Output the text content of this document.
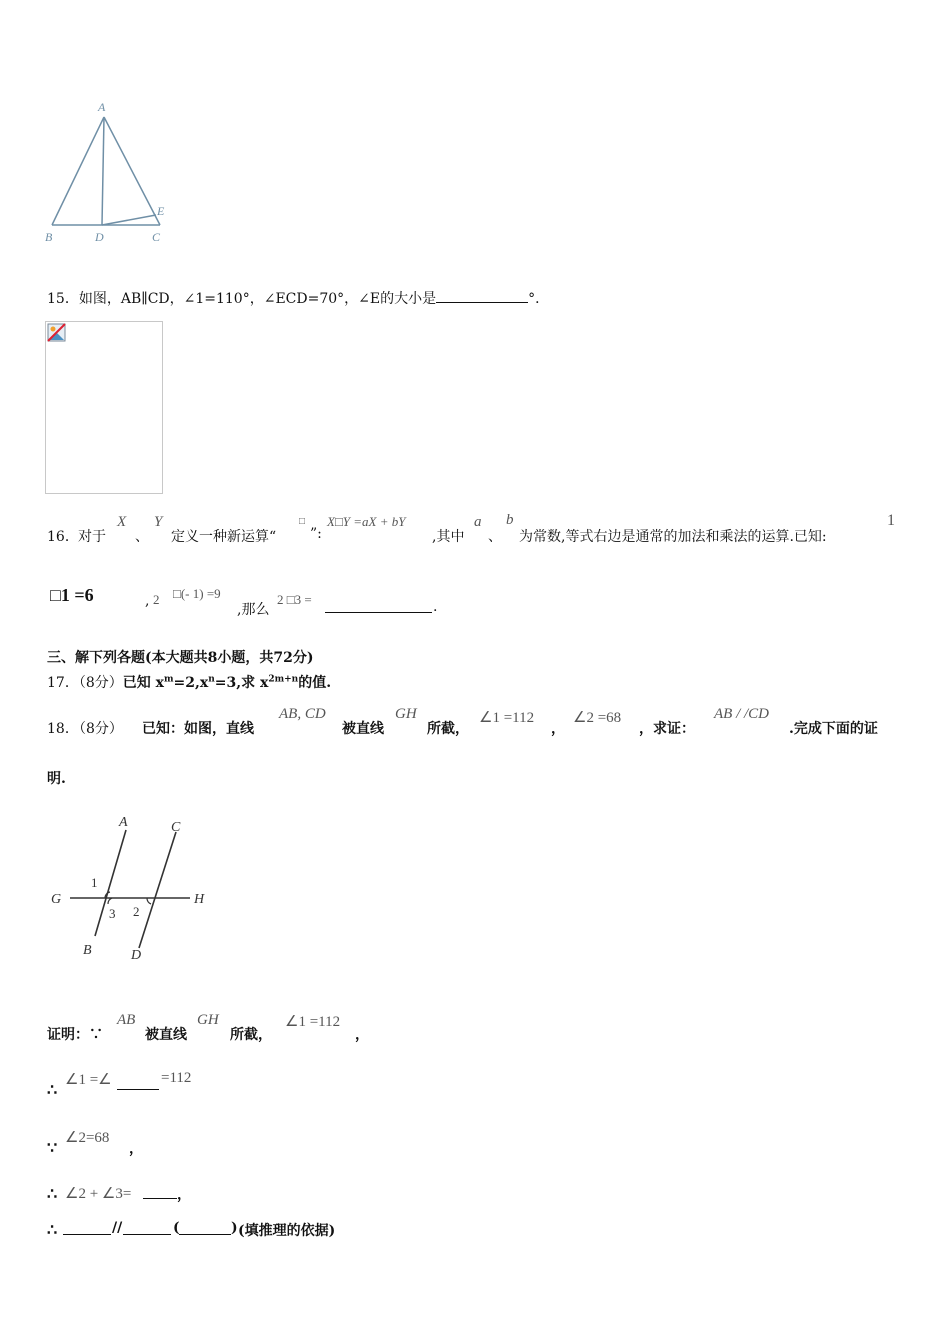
A
B	D	C
E
15．如图，AB∥CD，∠1=110°，∠ECD=70°，∠E的大小是	°．
16． 对于
X
、
Y
定义一种新运算“
□
”:
X□Y =aX + bY
,其中
a
、
b
为常数,等式右边是通常的加法和乘法的运算.已知:
1
□1 =6	, 2 □(- 1) =9
,那么
2 □3 =	.
三、解下列各题(本大题共8小题，共72分)
17．（8分）已知 $x^m=2,x^n=3$,求 $x^{2m+n}$的值.
18．
（8分） 已知：如图，直线
AB, CD
被直线
GH
所截，
∠1 =112
，
∠2 =68
，求证：
AB / /CD
.完成下面的证
明.
A	C
G	H
B	D
1
2
3
证明：∵
AB
被直线
GH
所截，
∠1 =112
，
∴ ∠1 =∠	=112
∵ ∠2=68
，
∴ ∠2 + ∠3=	，
∴	//	(	) (填推理的依据)
